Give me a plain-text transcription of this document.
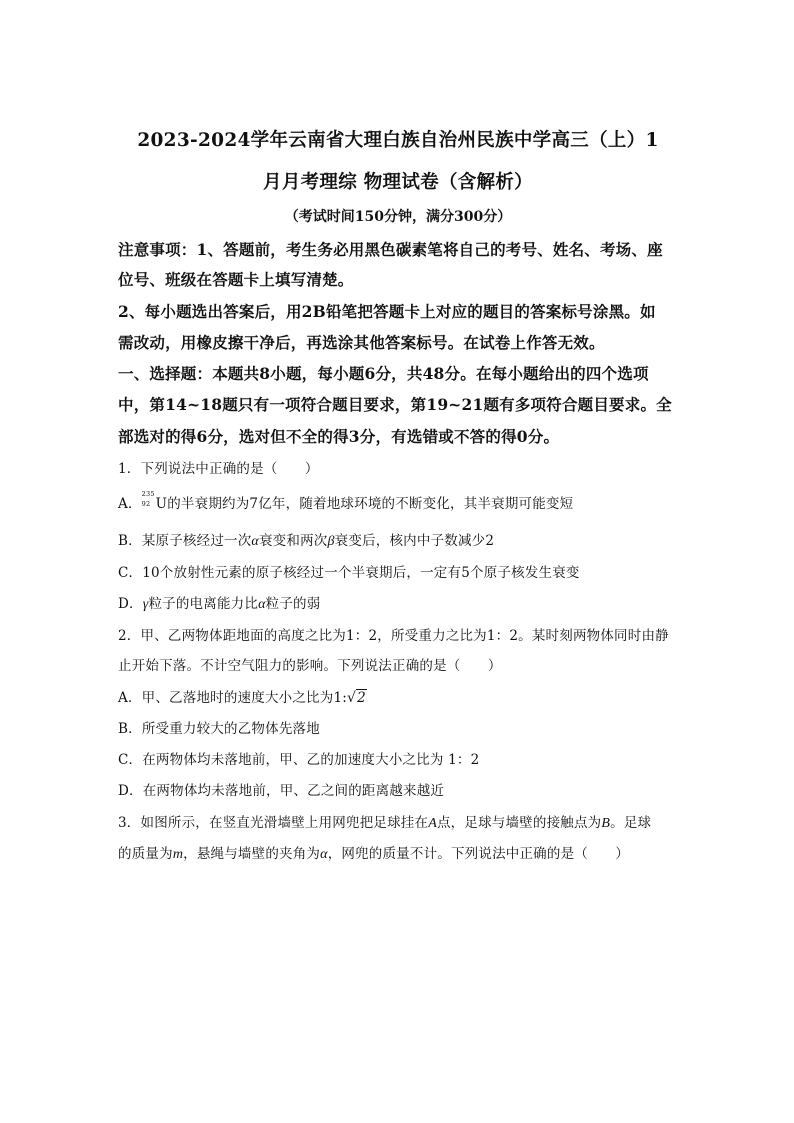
2023-2024学年云南省大理白族自治州民族中学高三（上）1
月月考理综 物理试卷（含解析）
（考试时间150分钟，满分300分）
注意事项：1、答题前，考生务必用黑色碳素笔将自己的考号、姓名、考场、座
位号、班级在答题卡上填写清楚。
2、每小题选出答案后，用2B铅笔把答题卡上对应的题目的答案标号涂黑。如
需改动，用橡皮擦干净后，再选涂其他答案标号。在试卷上作答无效。
一、选择题：本题共8小题，每小题6分，共48分。在每小题给出的四个选项
中，第14~18题只有一项符合题目要求，第19~21题有多项符合题目要求。全
部选对的得6分，选对但不全的得3分，有选错或不答的得0分。
1．下列说法中正确的是（　　）
A．
235
92 U的半衰期约为7亿年，随着地球环境的不断变化，其半衰期可能变短
B．某原子核经过一次α衰变和两次β衰变后，核内中子数减少2
C．10个放射性元素的原子核经过一个半衰期后，一定有5个原子核发生衰变
D．γ粒子的电离能力比α粒子的弱
2．甲、乙两物体距地面的高度之比为1：2，所受重力之比为1：2。某时刻两物体同时由静
止开始下落。不计空气阻力的影响。下列说法正确的是（　　）
A．甲、乙落地时的速度大小之比为1:√2
B．所受重力较大的乙物体先落地
C．在两物体均未落地前，甲、乙的加速度大小之比为 1：2
D．在两物体均未落地前，甲、乙之间的距离越来越近
3．如图所示，在竖直光滑墙壁上用网兜把足球挂在A点，足球与墙壁的接触点为B。足球
的质量为m，悬绳与墙壁的夹角为α，网兜的质量不计。下列说法中正确的是（　　）
